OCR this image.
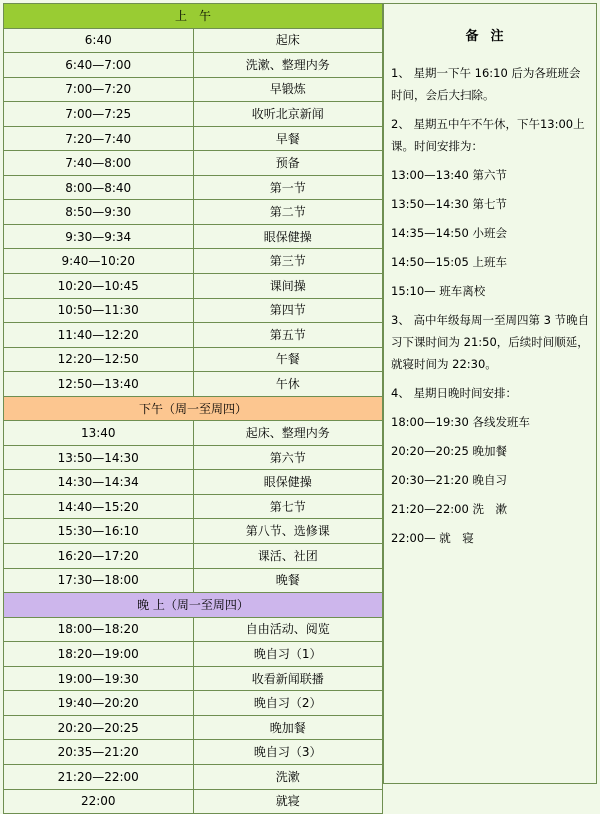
上　午	
6:40	起床
6:40—7:00	洗漱、整理内务
7:00—7:20	早锻炼
7:00—7:25	收听北京新闻
7:20—7:40	早餐
7:40—8:00	预备
8:00—8:40	第一节
8:50—9:30	第二节
9:30—9:34	眼保健操
9:40—10:20	第三节
10:20—10:45	课间操
10:50—11:30	第四节
11:40—12:20	第五节
12:20—12:50	午餐
12:50—13:40	午休
下午（周一至周四）	
13:40	起床、整理内务
13:50—14:30	第六节
14:30—14:34	眼保健操
14:40—15:20	第七节
15:30—16:10	第八节、选修课
16:20—17:20	课活、社团
17:30—18:00	晚餐
晚 上（周一至周四）	
18:00—18:20	自由活动、阅览
18:20—19:00	晚自习（1）
19:00—19:30	收看新闻联播
19:40—20:20	晚自习（2）
20:20—20:25	晚加餐
20:35—21:20	晚自习（3）
21:20—22:00	洗漱
22:00	就寝
备注

1、 星期一下午 16:10 后为各班班会时间，会后大扫除。

2、 星期五中午不午休，下午13:00上课。时间安排为：

13:00—13:40 第六节

13:50—14:30 第七节

14:35—14:50 小班会

14:50—15:05 上班车

15:10— 班车离校

3、 高中年级每周一至周四第 3 节晚自习下课时间为 21:50，后续时间顺延，就寝时间为 22:30。

4、 星期日晚时间安排：

18:00—19:30 各线发班车

20:20—20:25 晚加餐

20:30—21:20 晚自习

21:20—22:00 洗　漱

22:00— 就　寝
